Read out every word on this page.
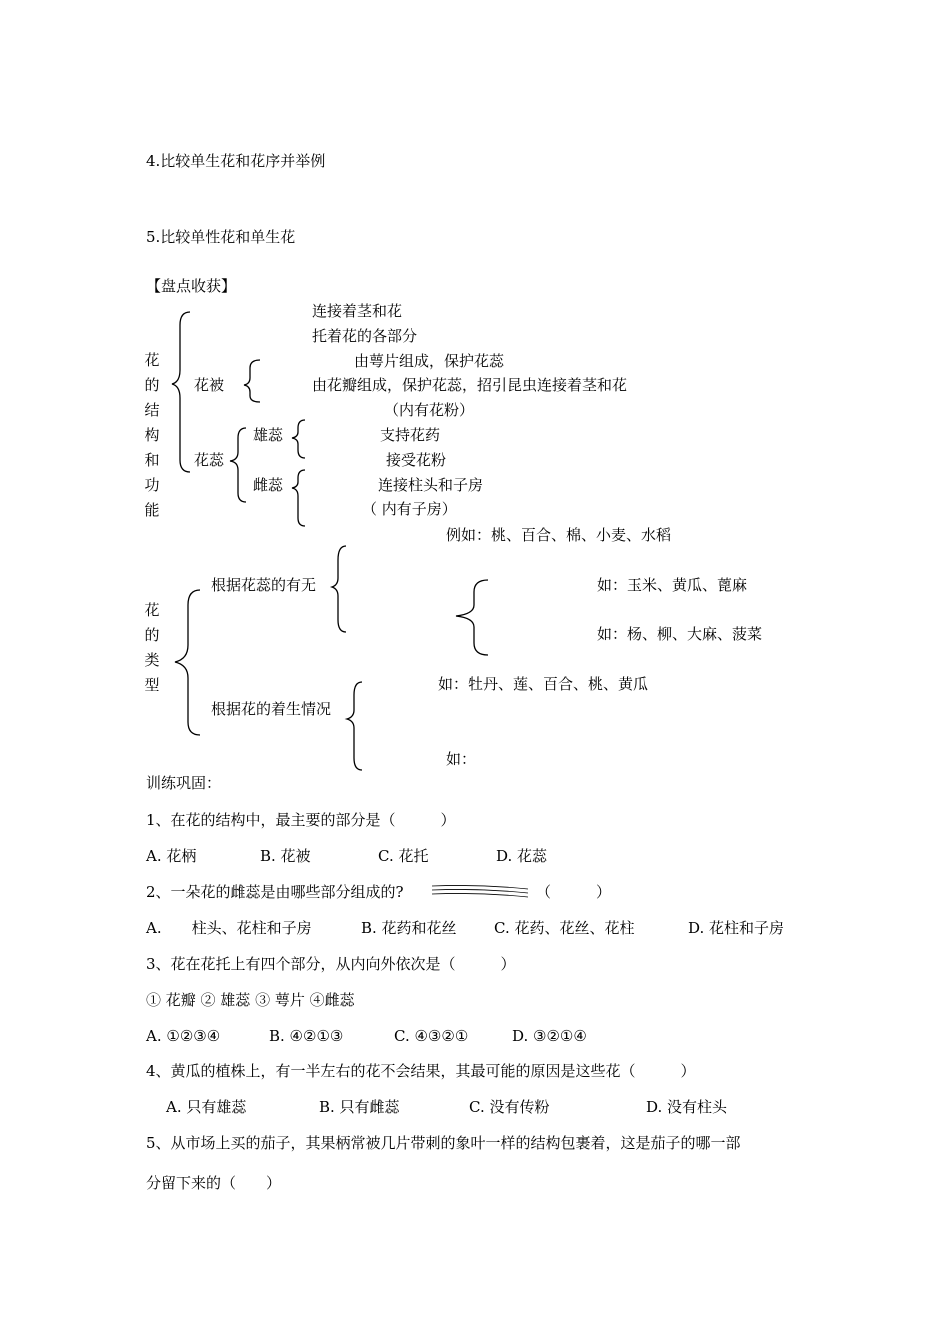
4.比较单生花和花序并举例
5.比较单性花和单生花
【盘点收获】
花
的
结
构
和
功
能
连接着茎和花
托着花的各部分
花被
由萼片组成，保护花蕊
由花瓣组成，保护花蕊，招引昆虫连接着茎和花
（内有花粉）
花蕊
雄蕊	支持花药
接受花粉
雌蕊	连接柱头和子房
（ 内有子房）
例如：桃、百合、棉、小麦、水稻
花
的
类
型
根据花蕊的有无	如：玉米、黄瓜、蓖麻
如：杨、柳、大麻、菠菜
如：牡丹、莲、百合、桃、黄瓜
根据花的着生情况
如：
训练巩固：
1、在花的结构中，最主要的部分是（　　　）
A. 花柄	B. 花被	C. 花托	D. 花蕊
2、一朵花的雌蕊是由哪些部分组成的?	（　　　）
A.　　柱头、花柱和子房	B. 花药和花丝 C. 花药、花丝、花柱	D. 花柱和子房
3、花在花托上有四个部分，从内向外依次是（　　　）
① 花瓣 ② 雄蕊 ③ 萼片 ④雌蕊
A. ①②③④	B. ④②①③	C. ④③②①	D. ③②①④
4、黄瓜的植株上，有一半左右的花不会结果，其最可能的原因是这些花（　　　）
A. 只有雄蕊	B. 只有雌蕊	C. 没有传粉	D. 没有柱头
5、从市场上买的茄子，其果柄常被几片带刺的象叶一样的结构包裹着，这是茄子的哪一部
分留下来的（　　）
